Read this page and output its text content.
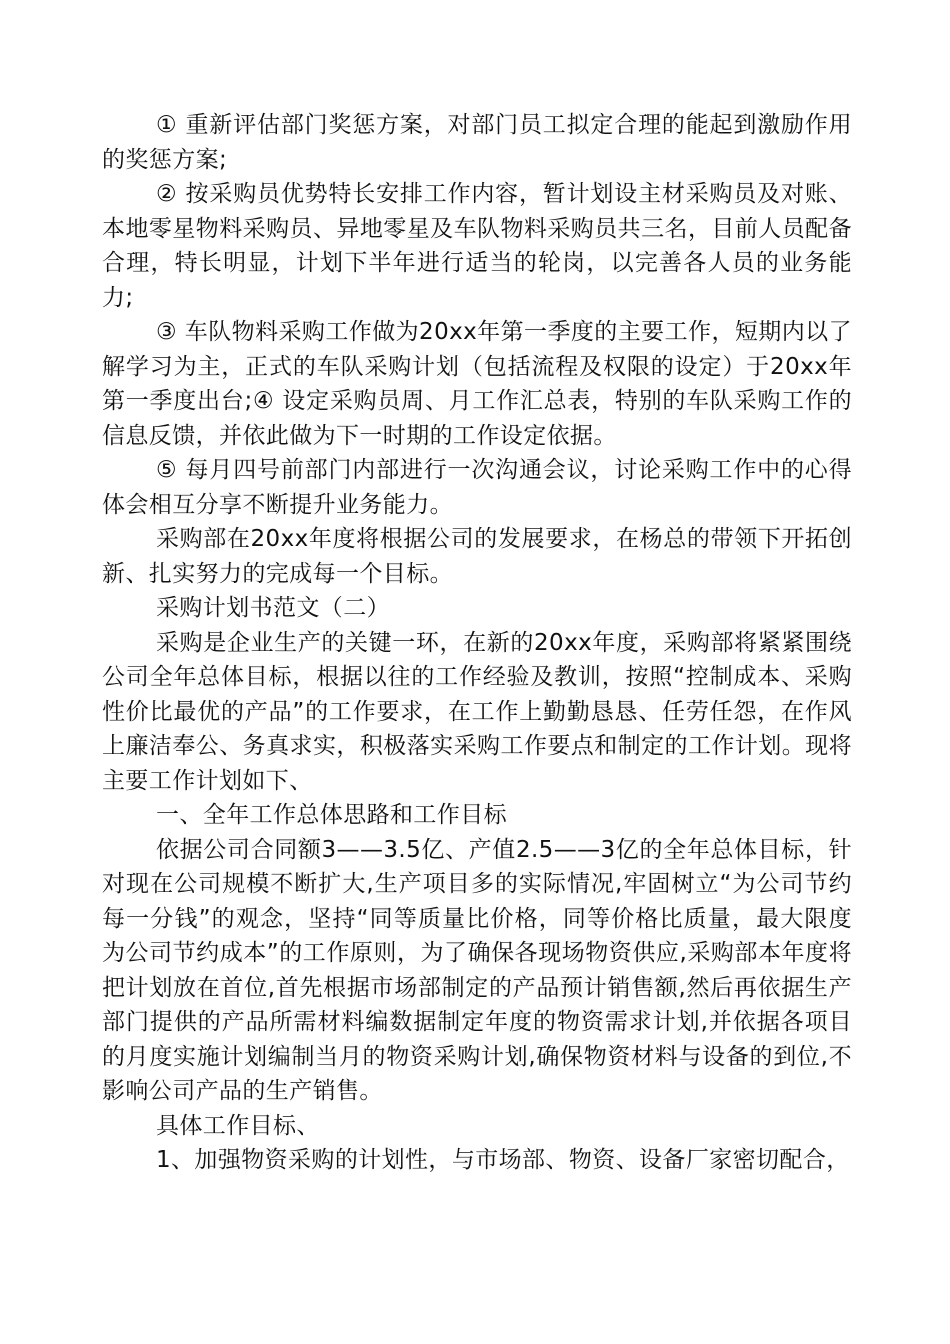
① 重新评估部门奖惩方案，对部门员工拟定合理的能起到激励作用的奖惩方案;

② 按采购员优势特长安排工作内容，暂计划设主材采购员及对账、本地零星物料采购员、异地零星及车队物料采购员共三名，目前人员配备合理，特长明显，计划下半年进行适当的轮岗，以完善各人员的业务能力;

③ 车队物料采购工作做为20xx年第一季度的主要工作，短期内以了解学习为主，正式的车队采购计划（包括流程及权限的设定）于20xx年第一季度出台;④ 设定采购员周、月工作汇总表，特别的车队采购工作的信息反馈，并依此做为下一时期的工作设定依据。

⑤ 每月四号前部门内部进行一次沟通会议，讨论采购工作中的心得体会相互分享不断提升业务能力。

采购部在20xx年度将根据公司的发展要求，在杨总的带领下开拓创新、扎实努力的完成每一个目标。

采购计划书范文（二）

采购是企业生产的关键一环，在新的20xx年度，采购部将紧紧围绕公司全年总体目标，根据以往的工作经验及教训，按照“控制成本、采购性价比最优的产品”的工作要求，在工作上勤勤恳恳、任劳任怨，在作风上廉洁奉公、务真求实，积极落实采购工作要点和制定的工作计划。现将主要工作计划如下、

一、全年工作总体思路和工作目标

依据公司合同额3——3.5亿、产值2.5——3亿的全年总体目标，针对现在公司规模不断扩大,生产项目多的实际情况,牢固树立“为公司节约每一分钱”的观念，坚持“同等质量比价格，同等价格比质量，最大限度为公司节约成本”的工作原则，为了确保各现场物资供应,采购部本年度将把计划放在首位,首先根据市场部制定的产品预计销售额,然后再依据生产部门提供的产品所需材料编数据制定年度的物资需求计划,并依据各项目的月度实施计划编制当月的物资采购计划,确保物资材料与设备的到位,不影响公司产品的生产销售。

具体工作目标、

1、加强物资采购的计划性，与市场部、物资、设备厂家密切配合，
